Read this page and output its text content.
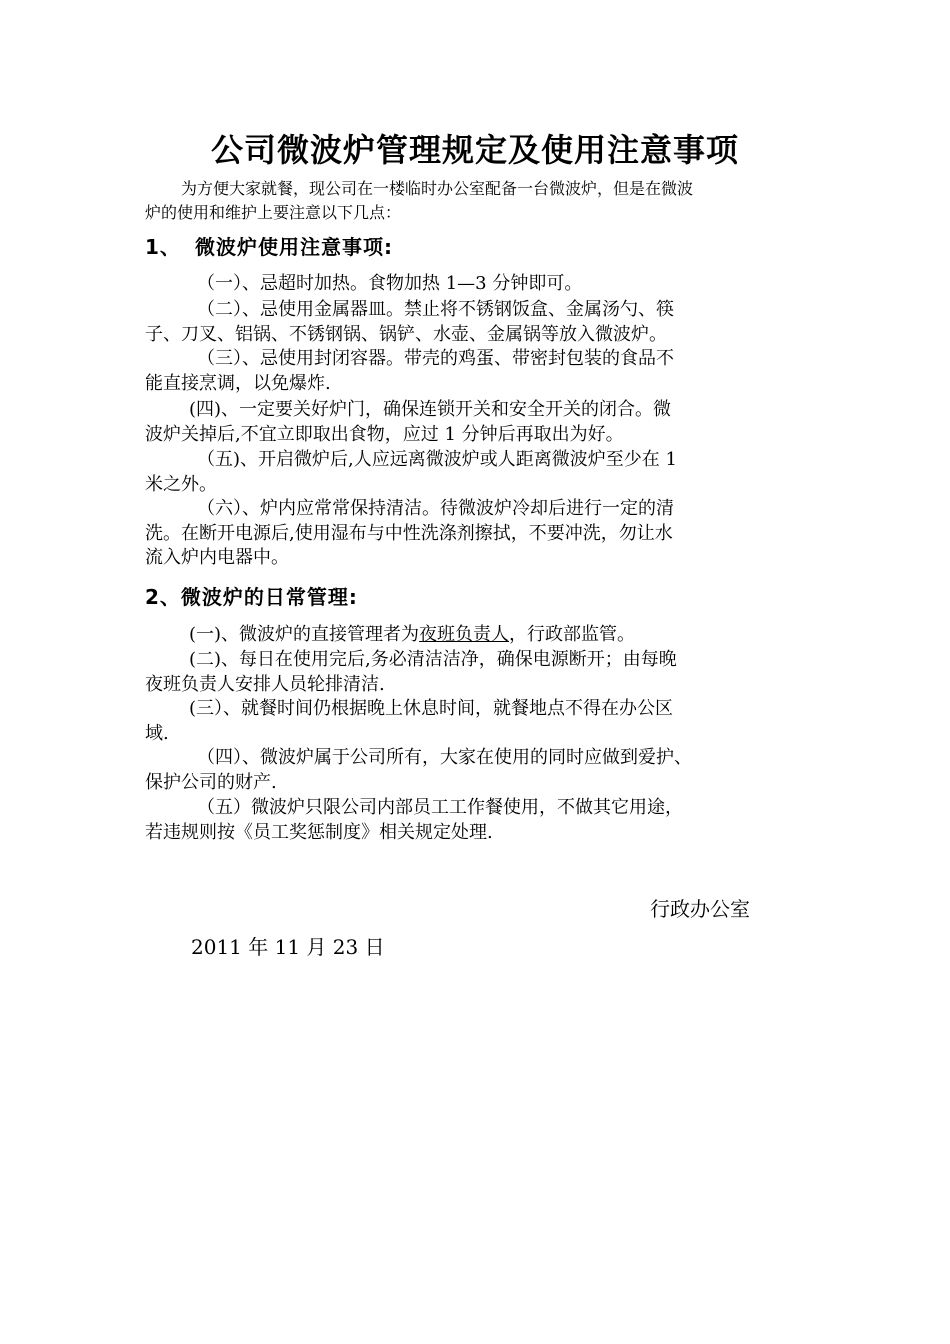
公司微波炉管理规定及使用注意事项
为方便大家就餐，现公司在一楼临时办公室配备一台微波炉，但是在微波
炉的使用和维护上要注意以下几点：
1、 微波炉使用注意事项:
（一）、忌超时加热。食物加热 1—3 分钟即可。
（二）、忌使用金属器皿。禁止将不锈钢饭盒、金属汤勺、筷
子、刀叉、铝锅、不锈钢锅、锅铲、水壶、金属锅等放入微波炉。
（三）、忌使用封闭容器。带壳的鸡蛋、带密封包装的食品不
能直接烹调，以免爆炸.
(四)、一定要关好炉门，确保连锁开关和安全开关的闭合。微
波炉关掉后,不宜立即取出食物，应过 1 分钟后再取出为好。
（五)、开启微炉后,人应远离微波炉或人距离微波炉至少在 1
米之外。
（六）、炉内应常常保持清洁。待微波炉冷却后进行一定的清
洗。在断开电源后,使用湿布与中性洗涤剂擦拭，不要冲洗，勿让水
流入炉内电器中。
2、微波炉的日常管理:
(一)、微波炉的直接管理者为夜班负责人，行政部监管。
(二)、每日在使用完后,务必清洁洁净，确保电源断开；由每晚
夜班负责人安排人员轮排清洁.
(三）、就餐时间仍根据晚上休息时间，就餐地点不得在办公区
域.
（四）、微波炉属于公司所有，大家在使用的同时应做到爱护、
保护公司的财产.
（五）微波炉只限公司内部员工工作餐使用，不做其它用途，
若违规则按《员工奖惩制度》相关规定处理.
行政办公室
2011 年 11 月 23 日
